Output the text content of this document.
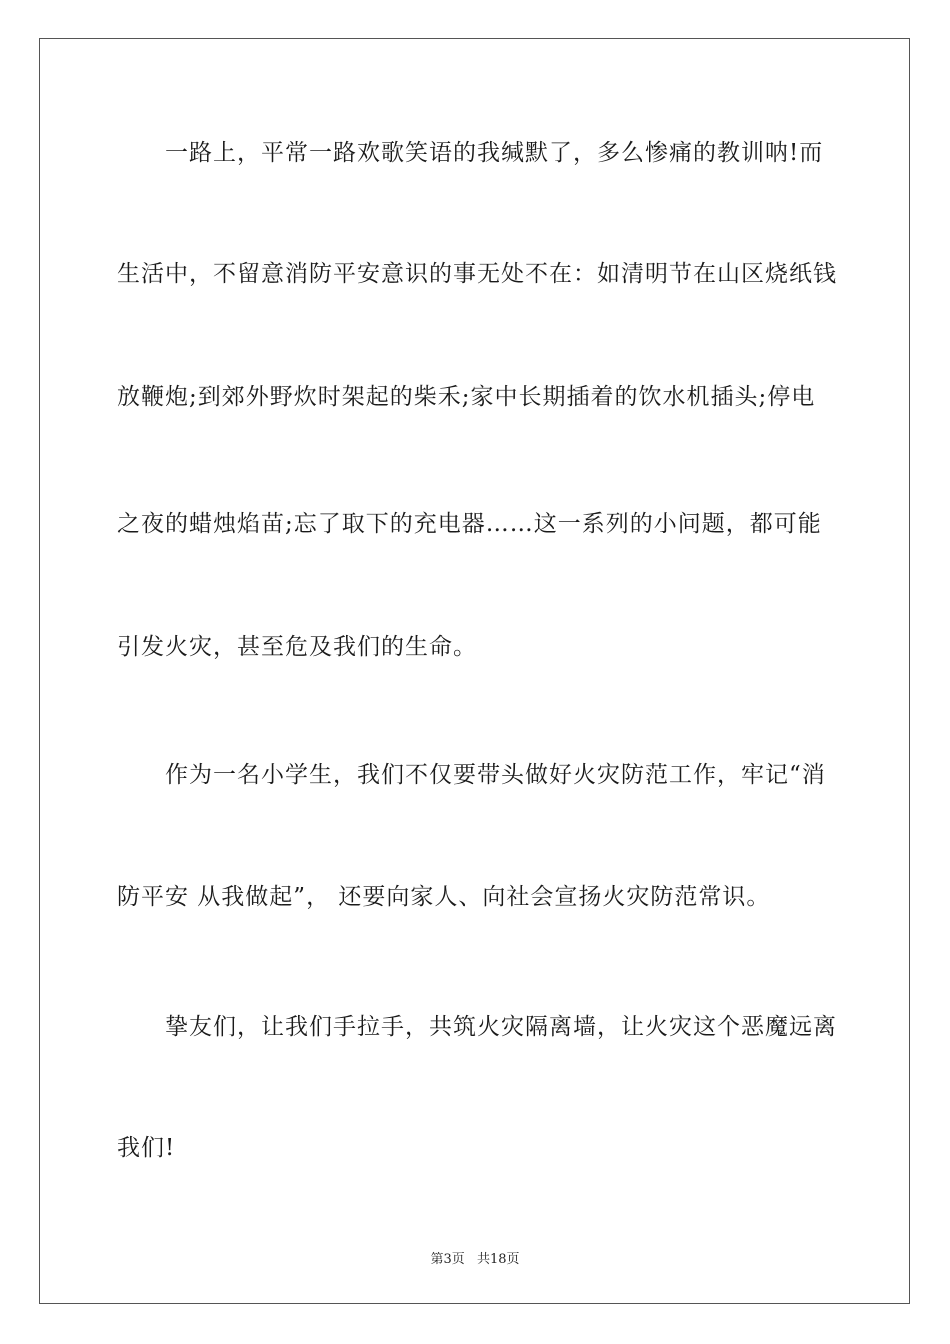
一路上，平常一路欢歌笑语的我缄默了，多么惨痛的教训呐!而
生活中，不留意消防平安意识的事无处不在：如清明节在山区烧纸钱
放鞭炮;到郊外野炊时架起的柴禾;家中长期插着的饮水机插头;停电
之夜的蜡烛焰苗;忘了取下的充电器……这一系列的小问题，都可能
引发火灾，甚至危及我们的生命。
作为一名小学生，我们不仅要带头做好火灾防范工作，牢记“消
防平安 从我做起”， 还要向家人、向社会宣扬火灾防范常识。
挚友们，让我们手拉手，共筑火灾隔离墙，让火灾这个恶魔远离
我们!
第3页 共18页
